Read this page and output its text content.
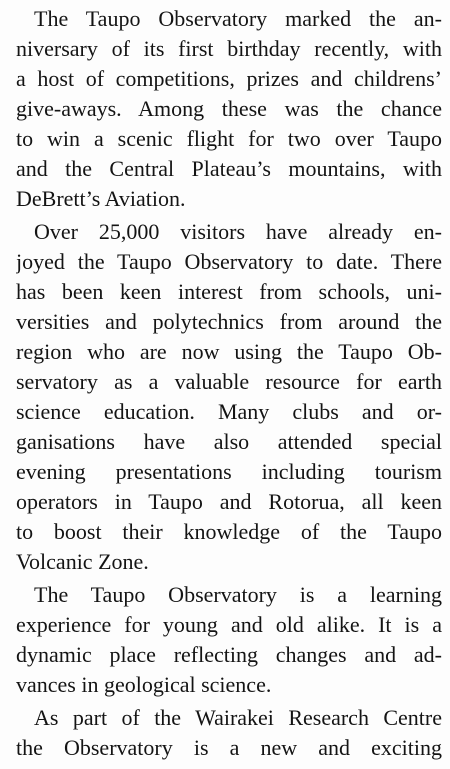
The Taupo Observatory marked the an-
niversary of its first birthday recently, with
a host of competitions, prizes and childrens’
give-aways. Among these was the chance
to win a scenic flight for two over Taupo
and the Central Plateau’s mountains, with
DeBrett’s Aviation.
Over 25,000 visitors have already en-
joyed the Taupo Observatory to date. There
has been keen interest from schools, uni-
versities and polytechnics from around the
region who are now using the Taupo Ob-
servatory as a valuable resource for earth
science education. Many clubs and or-
ganisations have also attended special
evening presentations including tourism
operators in Taupo and Rotorua, all keen
to boost their knowledge of the Taupo
Volcanic Zone.
The Taupo Observatory is a learning
experience for young and old alike. It is a
dynamic place reflecting changes and ad-
vances in geological science.
As part of the Wairakei Research Centre
the Observatory is a new and exciting
